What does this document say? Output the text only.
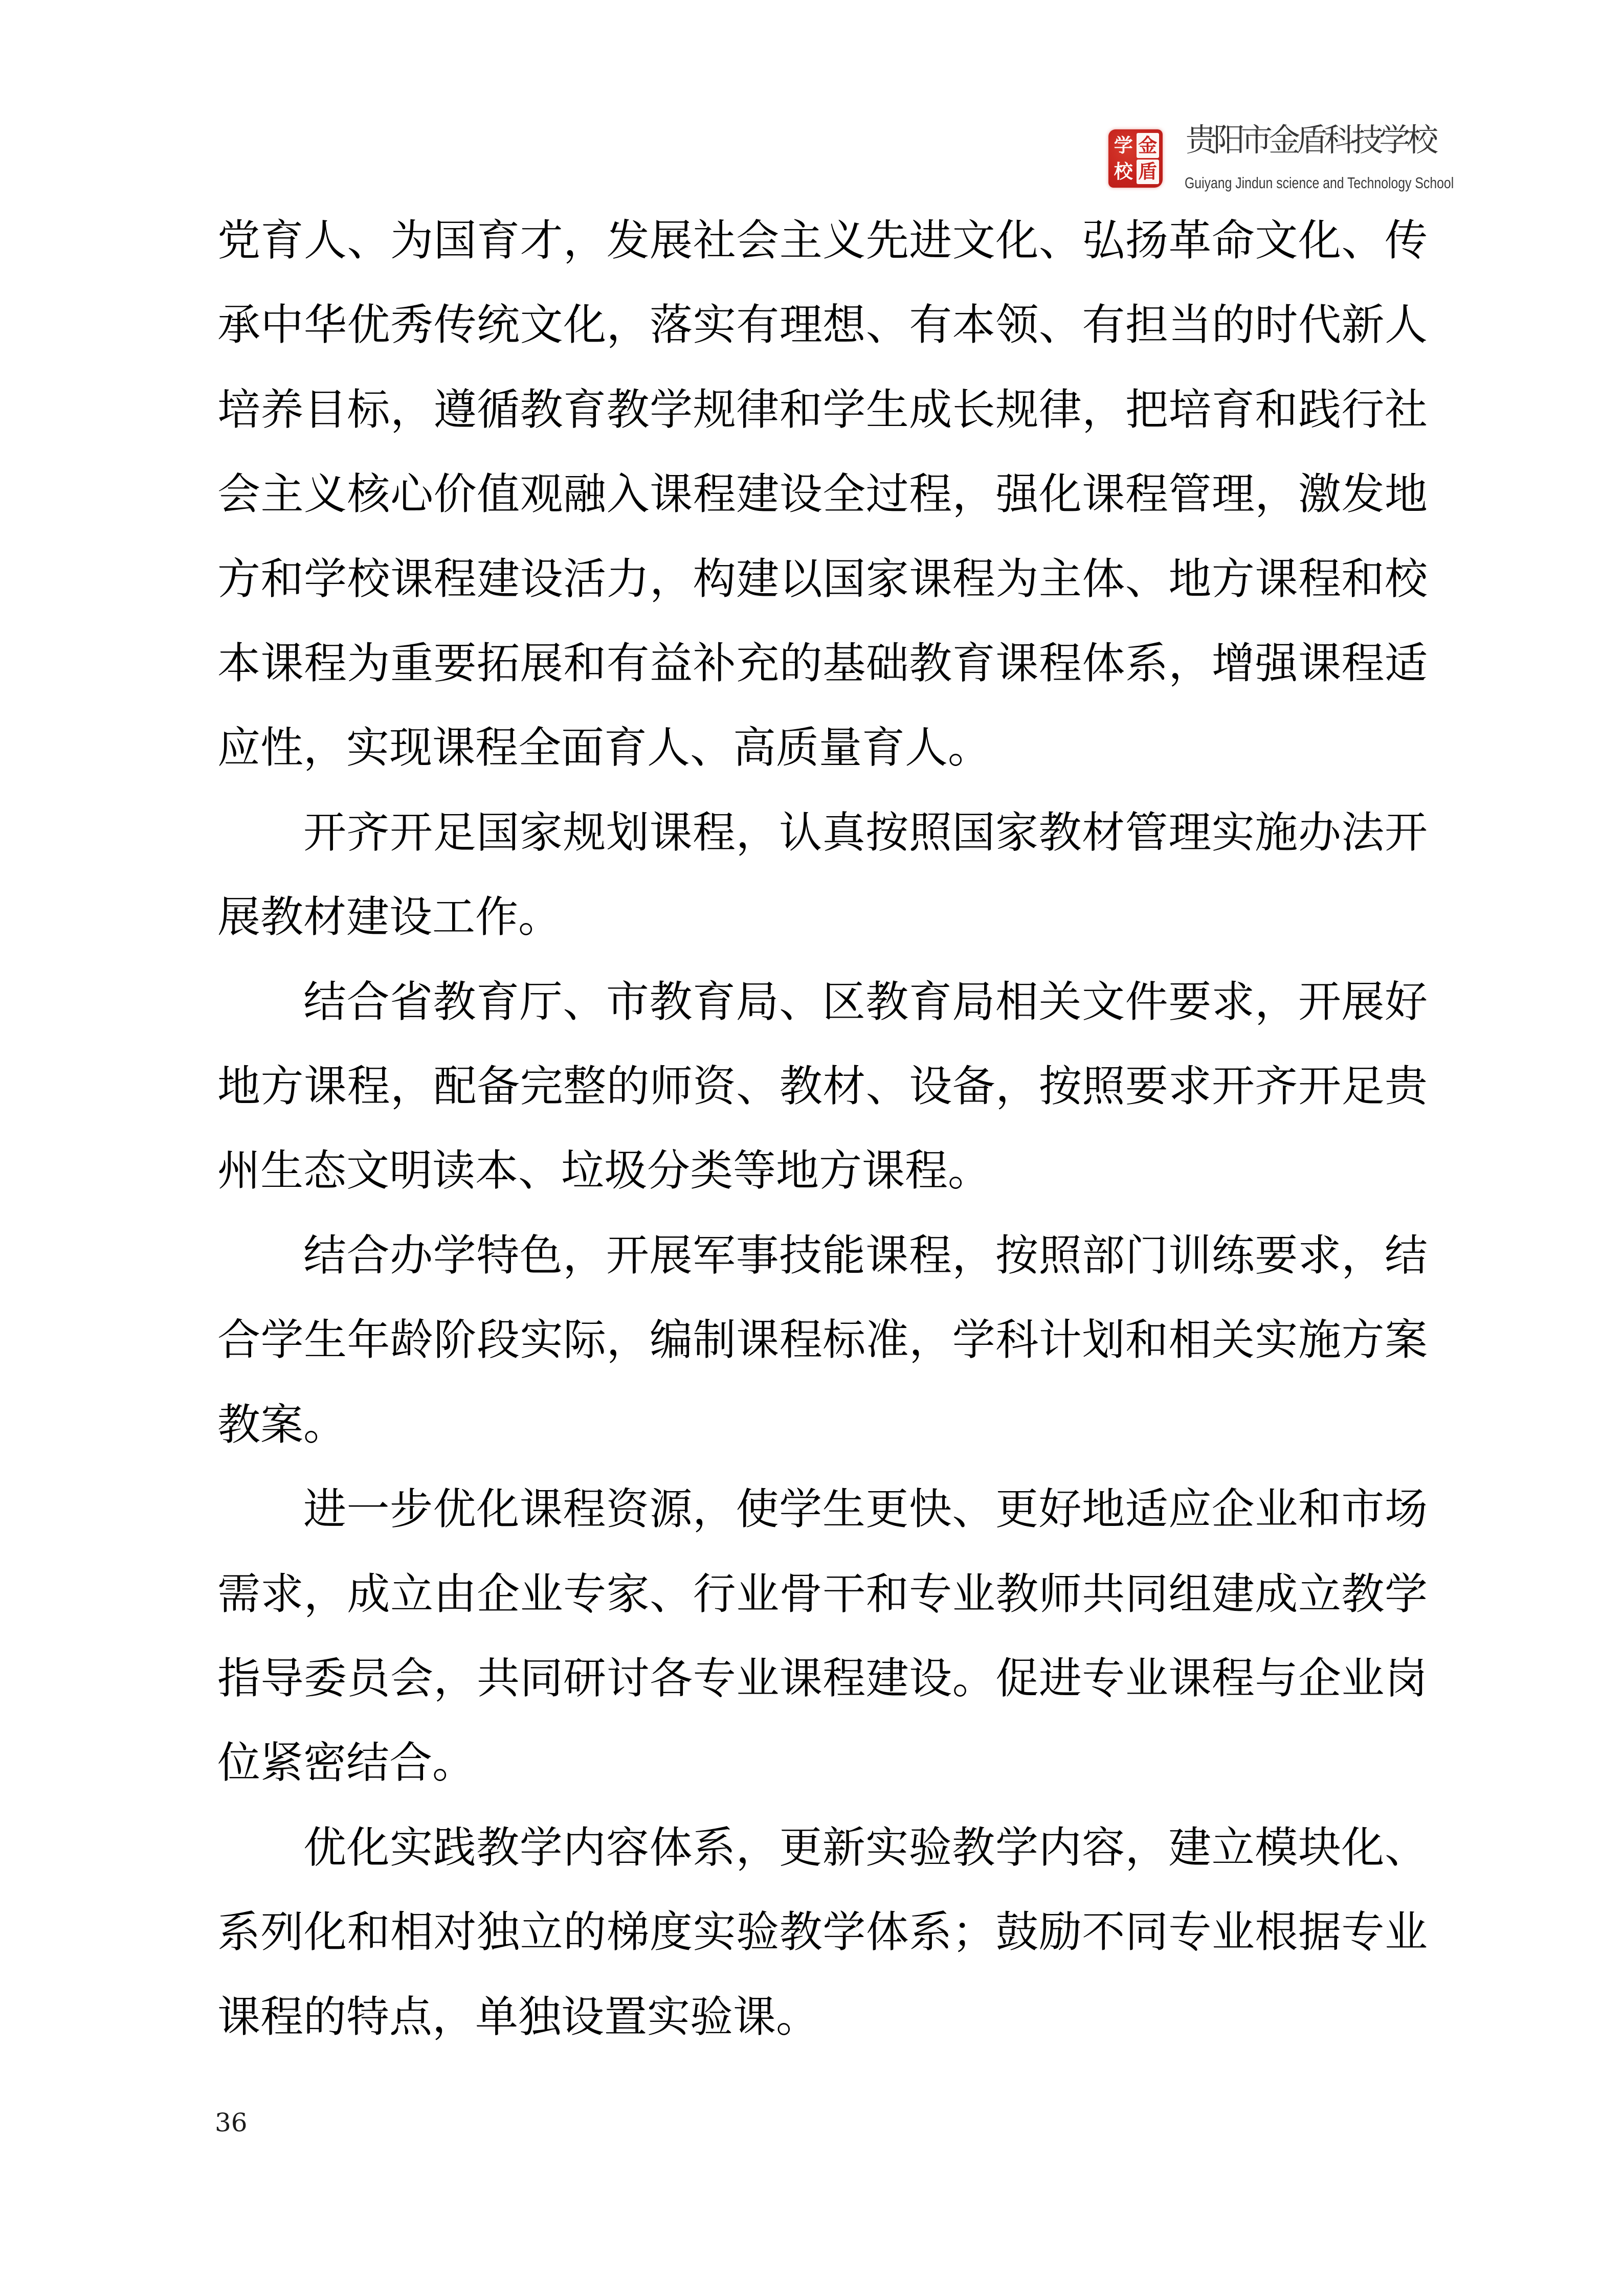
金
盾
学
校
贵阳市金盾科技学校
Guiyang Jindun science and Technology School

党育人、为国育才，发展社会主义先进文化、弘扬革命文化、传承中华优秀传统文化，落实有理想、有本领、有担当的时代新人培养目标，遵循教育教学规律和学生成长规律，把培育和践行社会主义核心价值观融入课程建设全过程，强化课程管理，激发地方和学校课程建设活力，构建以国家课程为主体、地方课程和校本课程为重要拓展和有益补充的基础教育课程体系，增强课程适应性，实现课程全面育人、高质量育人。

开齐开足国家规划课程，认真按照国家教材管理实施办法开展教材建设工作。

结合省教育厅、市教育局、区教育局相关文件要求，开展好地方课程，配备完整的师资、教材、设备，按照要求开齐开足贵州生态文明读本、垃圾分类等地方课程。

结合办学特色，开展军事技能课程，按照部门训练要求，结合学生年龄阶段实际，编制课程标准，学科计划和相关实施方案教案。

进一步优化课程资源，使学生更快、更好地适应企业和市场需求，成立由企业专家、行业骨干和专业教师共同组建成立教学指导委员会，共同研讨各专业课程建设。促进专业课程与企业岗位紧密结合。

优化实践教学内容体系，更新实验教学内容，建立模块化、系列化和相对独立的梯度实验教学体系；鼓励不同专业根据专业课程的特点，单独设置实验课。

36
